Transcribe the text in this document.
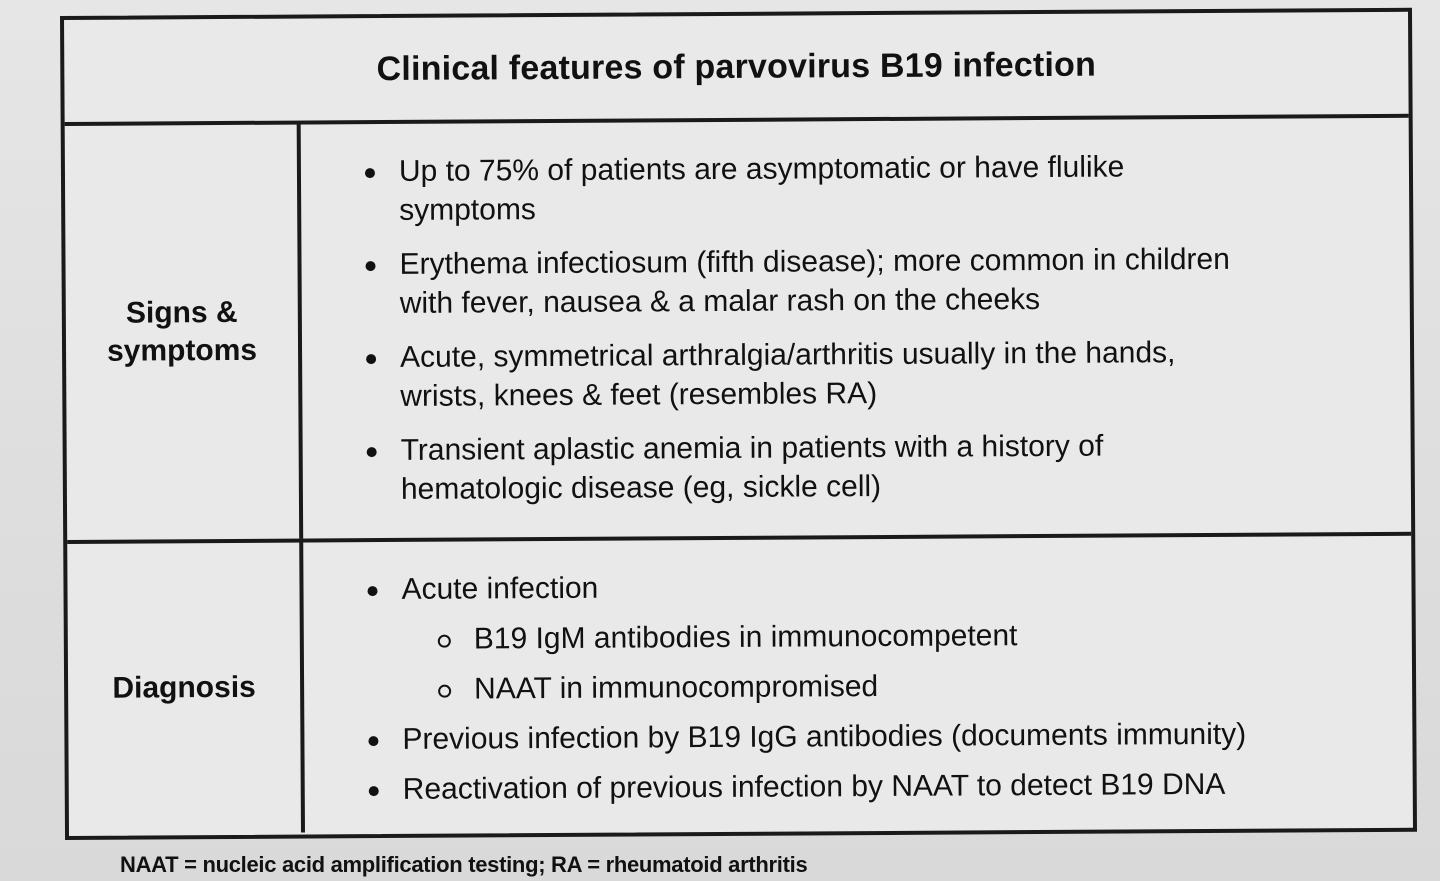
Clinical features of parvovirus B19 infection
Signs &
symptoms
Up to 75% of patients are asymptomatic or have flulike
symptoms
Erythema infectiosum (fifth disease); more common in children
with fever, nausea & a malar rash on the cheeks
Acute, symmetrical arthralgia/arthritis usually in the hands,
wrists, knees & feet (resembles RA)
Transient aplastic anemia in patients with a history of
hematologic disease (eg, sickle cell)
Diagnosis
Acute infection
B19 IgM antibodies in immunocompetent
NAAT in immunocompromised
Previous infection by B19 IgG antibodies (documents immunity)
Reactivation of previous infection by NAAT to detect B19 DNA
NAAT = nucleic acid amplification testing; RA = rheumatoid arthritis
